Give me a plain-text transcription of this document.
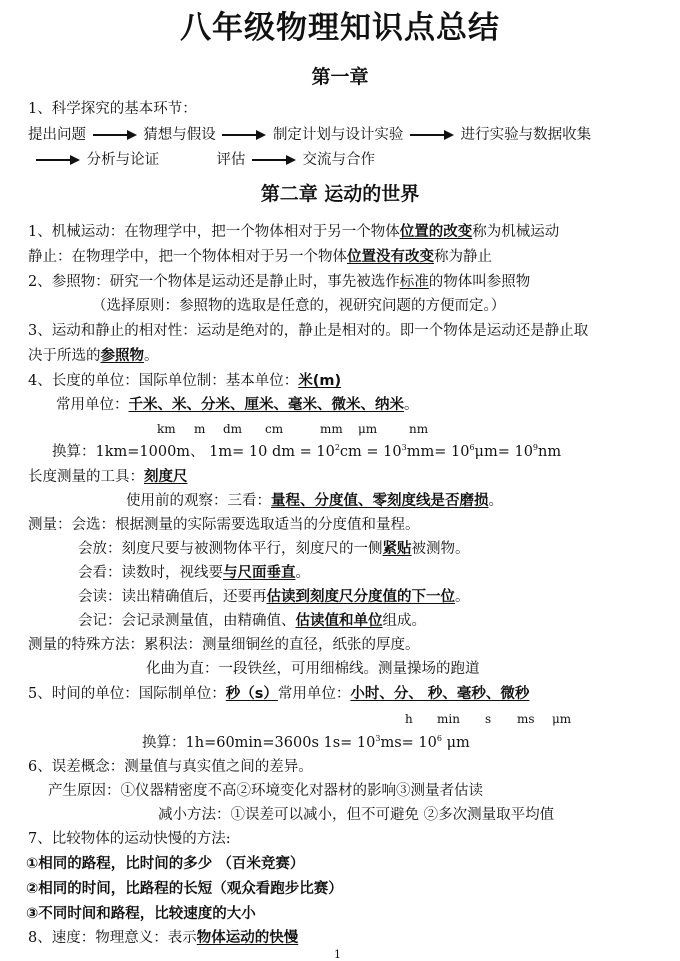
八年级物理知识点总结
第一章
1、科学探究的基本环节：
提出问题	猜想与假设	制定计划与设计实验	进行实验与数据收集
分析与论证	评估	交流与合作
第二章 运动的世界
1、机械运动：在物理学中，把一个物体相对于另一个物体位置的改变称为机械运动
静止：在物理学中，把一个物体相对于另一个物体位置没有改变称为静止
2、参照物：研究一个物体是运动还是静止时，事先被选作标准的物体叫参照物
（选择原则：参照物的选取是任意的，视研究问题的方便而定。）
3、运动和静止的相对性：运动是绝对的，静止是相对的。即一个物体是运动还是静止取
决于所选的参照物。
4、长度的单位：国际单位制：基本单位：米(m)
常用单位：千米、米、分米、厘米、毫米、微米、纳米。
km m dm cm	mm μm	nm
换算：1km=1000m、 1m= 10 dm = $10^2cm = 10^3mm= 10^6\mu m= 10^9nm$
长度测量的工具：刻度尺
使用前的观察：三看：量程、分度值、零刻度线是否磨损。
测量：会选：根据测量的实际需要选取适当的分度值和量程。
会放：刻度尺要与被测物体平行，刻度尺的一侧紧贴被测物。
会看：读数时，视线要与尺面垂直。
会读：读出精确值后，还要再估读到刻度尺分度值的下一位。
会记：会记录测量值，由精确值、估读值和单位组成。
测量的特殊方法：累积法：测量细铜丝的直径，纸张的厚度。
化曲为直：一段铁丝，可用细棉线。测量操场的跑道
5、时间的单位：国际制单位：秒（s）常用单位：小时、分、 秒、毫秒、微秒
h min s ms μm
换算：1h=60min=3600s $1s= 10^3ms= 10^6$ μm
6、误差概念：测量值与真实值之间的差异。
产生原因：①仪器精密度不高②环境变化对器材的影响③测量者估读
减小方法：①误差可以减小，但不可避免 ②多次测量取平均值
7、比较物体的运动快慢的方法:
①相同的路程，比时间的多少 （百米竞赛）
②相同的时间，比路程的长短（观众看跑步比赛）
③不同时间和路程，比较速度的大小
8、速度：物理意义：表示物体运动的快慢
1
